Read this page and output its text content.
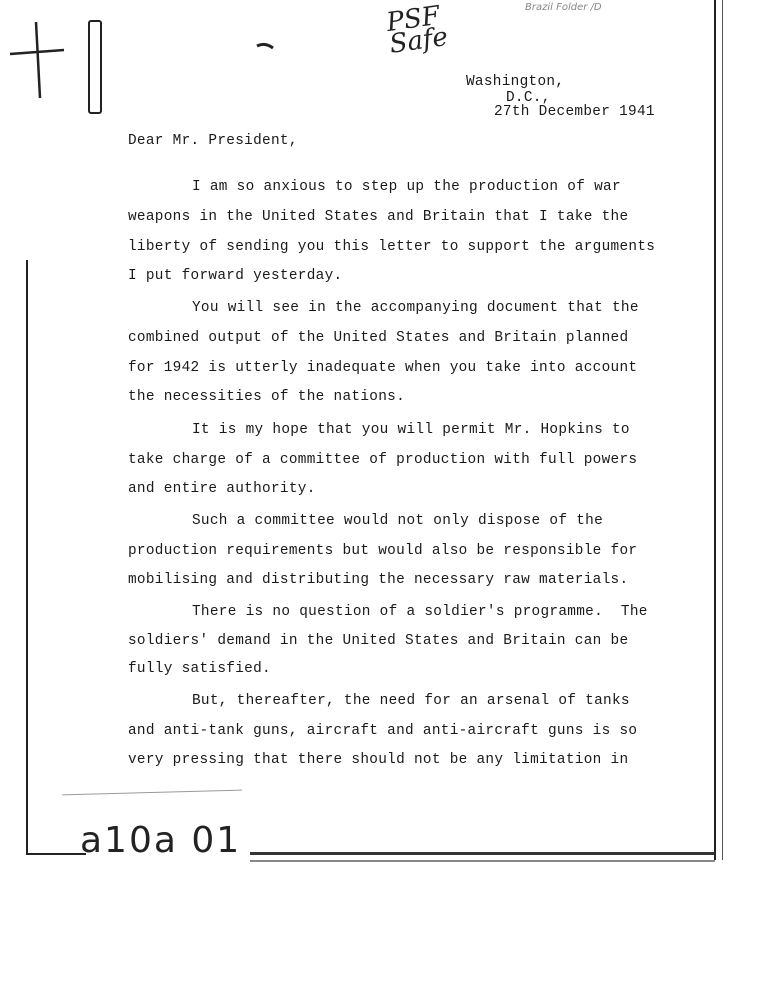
PSF
Safe
Brazil Folder /D
a10a 01
Washington,
D.C.,
27th December 1941
Dear Mr. President,
I am so anxious to step up the production of war
weapons in the United States and Britain that I take the
liberty of sending you this letter to support the arguments
I put forward yesterday.
You will see in the accompanying document that the
combined output of the United States and Britain planned
for 1942 is utterly inadequate when you take into account
the necessities of the nations.
It is my hope that you will permit Mr. Hopkins to
take charge of a committee of production with full powers
and entire authority.
Such a committee would not only dispose of the
production requirements but would also be responsible for
mobilising and distributing the necessary raw materials.
There is no question of a soldier's programme.  The
soldiers' demand in the United States and Britain can be
fully satisfied.
But, thereafter, the need for an arsenal of tanks
and anti-tank guns, aircraft and anti-aircraft guns is so
very pressing that there should not be any limitation in
